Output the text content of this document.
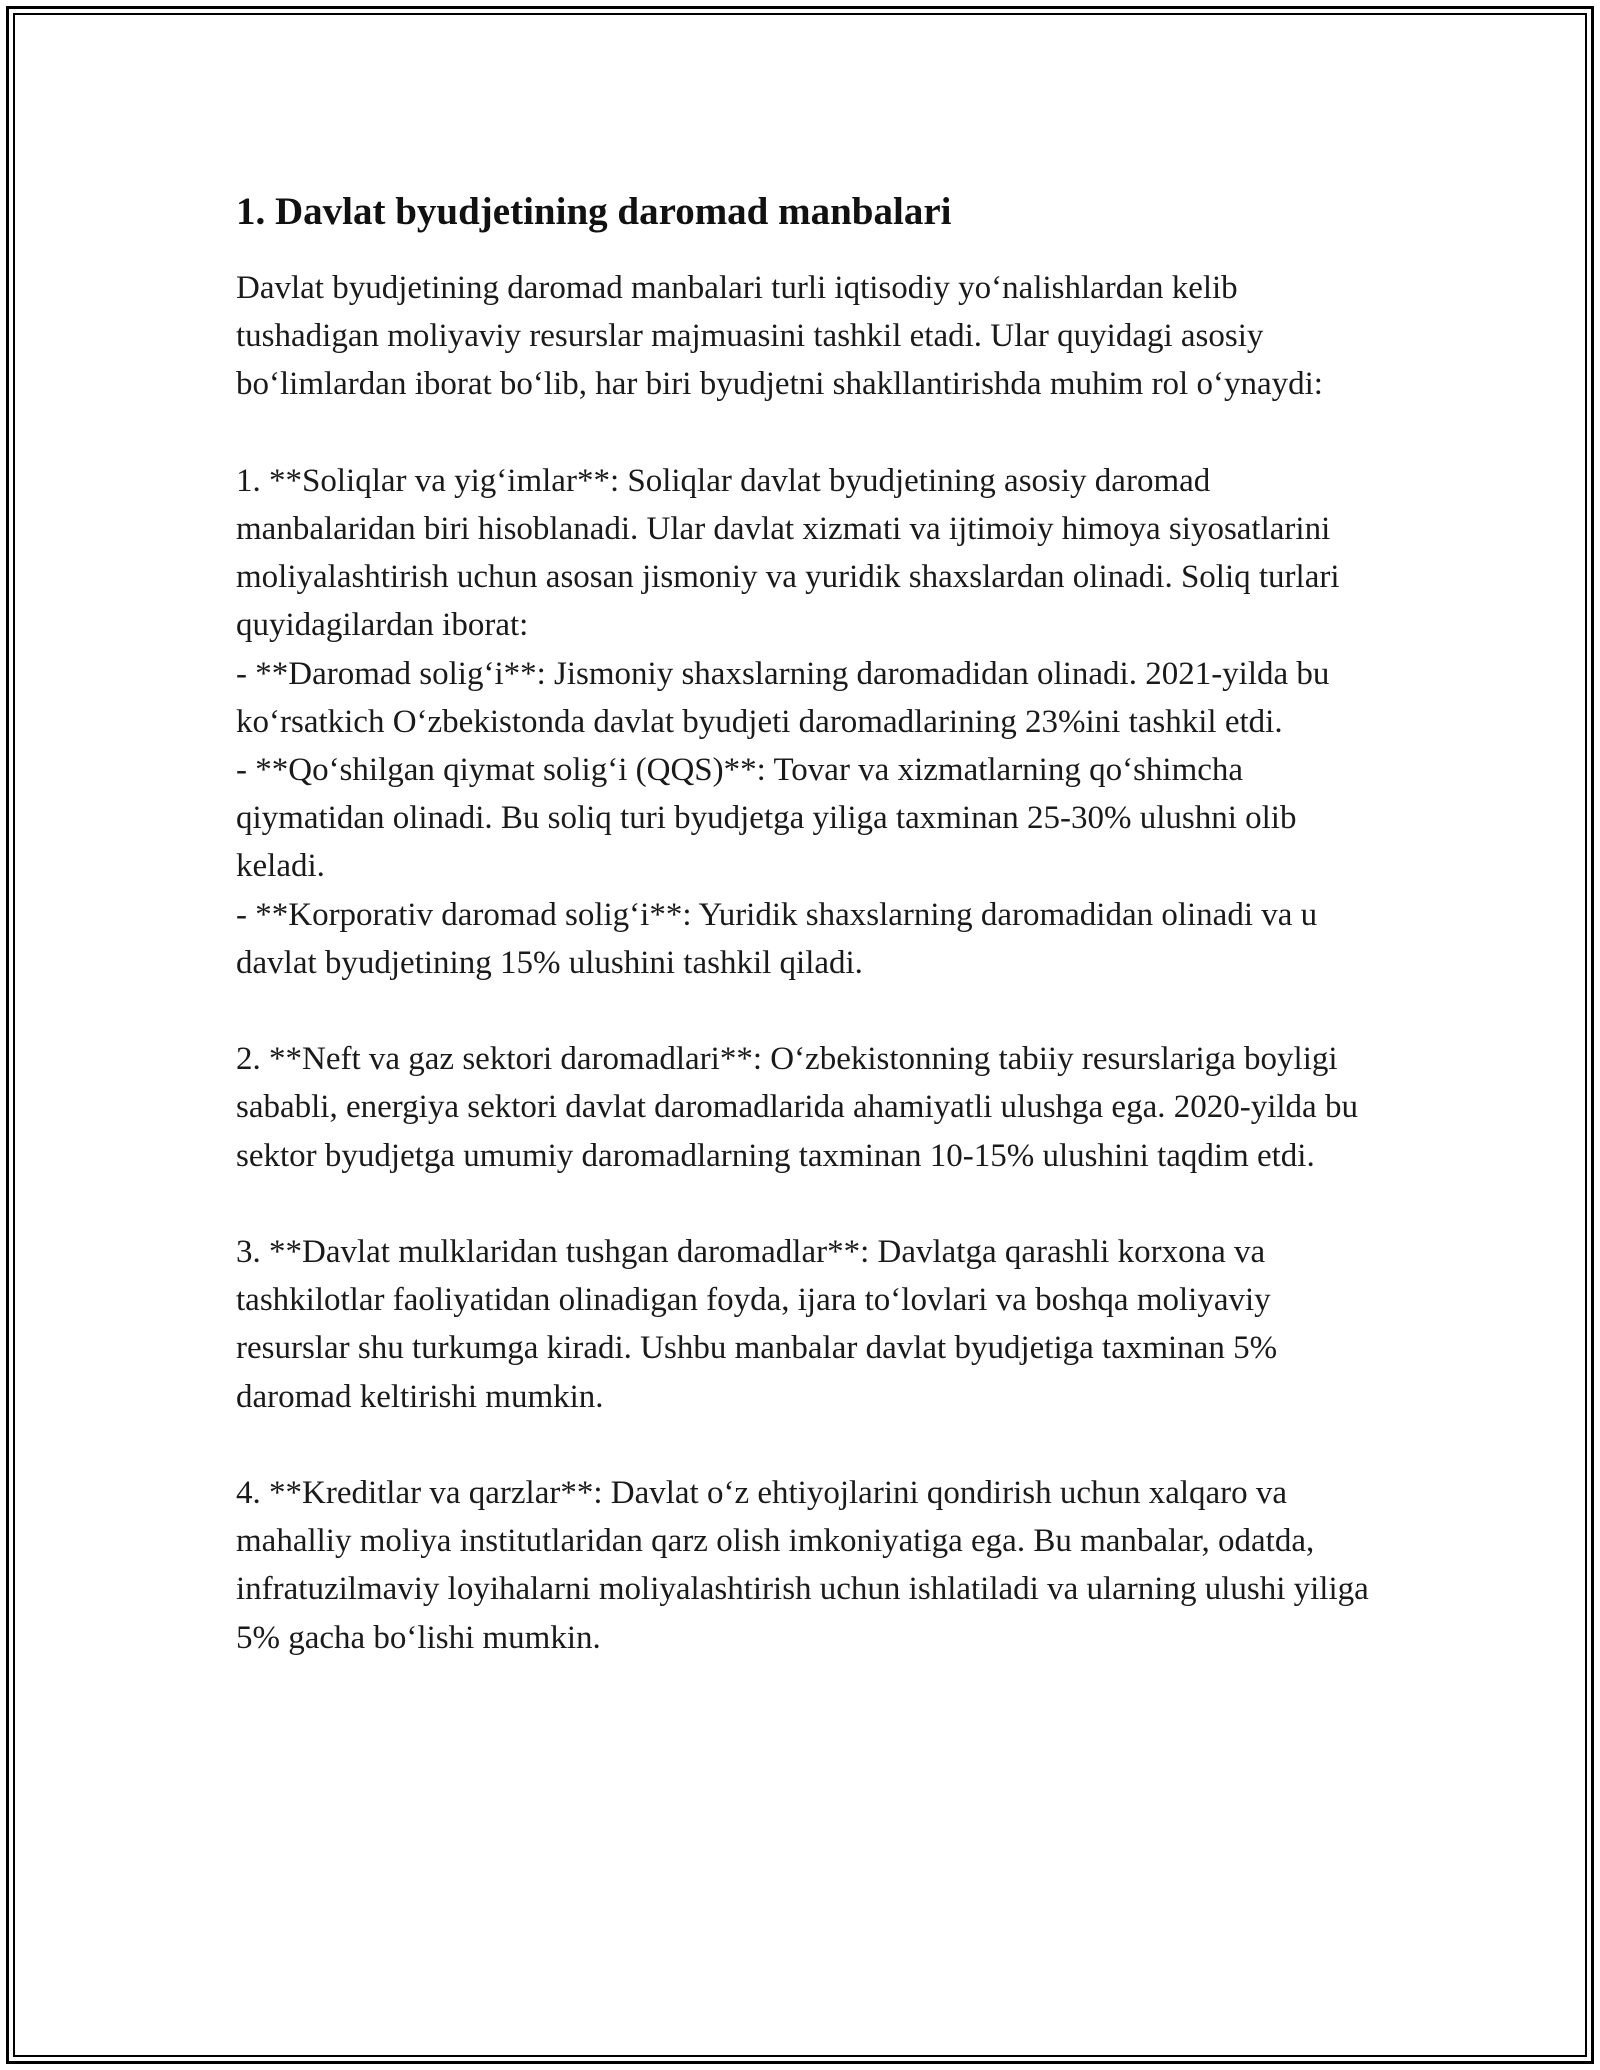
1. Davlat byudjetining daromad manbalari

Davlat byudjetining daromad manbalari turli iqtisodiy yo‘nalishlardan kelib tushadigan moliyaviy resurslar majmuasini tashkil etadi. Ular quyidagi asosiy bo‘limlardan iborat bo‘lib, har biri byudjetni shakllantirishda muhim rol o‘ynaydi:

1. **Soliqlar va yig‘imlar**: Soliqlar davlat byudjetining asosiy daromad manbalaridan biri hisoblanadi. Ular davlat xizmati va ijtimoiy himoya siyosatlarini moliyalashtirish uchun asosan jismoniy va yuridik shaxslardan olinadi. Soliq turlari quyidagilardan iborat:

- **Daromad solig‘i**: Jismoniy shaxslarning daromadidan olinadi. 2021-yilda bu ko‘rsatkich O‘zbekistonda davlat byudjeti daromadlarining 23%ini tashkil etdi.

- **Qo‘shilgan qiymat solig‘i (QQS)**: Tovar va xizmatlarning qo‘shimcha qiymatidan olinadi. Bu soliq turi byudjetga yiliga taxminan 25-30% ulushni olib keladi.

- **Korporativ daromad solig‘i**: Yuridik shaxslarning daromadidan olinadi va u davlat byudjetining 15% ulushini tashkil qiladi.

2. **Neft va gaz sektori daromadlari**: O‘zbekistonning tabiiy resurslariga boyligi sababli, energiya sektori davlat daromadlarida ahamiyatli ulushga ega. 2020-yilda bu sektor byudjetga umumiy daromadlarning taxminan 10-15% ulushini taqdim etdi.

3. **Davlat mulklaridan tushgan daromadlar**: Davlatga qarashli korxona va tashkilotlar faoliyatidan olinadigan foyda, ijara to‘lovlari va boshqa moliyaviy resurslar shu turkumga kiradi. Ushbu manbalar davlat byudjetiga taxminan 5% daromad keltirishi mumkin.

4. **Kreditlar va qarzlar**: Davlat o‘z ehtiyojlarini qondirish uchun xalqaro va mahalliy moliya institutlaridan qarz olish imkoniyatiga ega. Bu manbalar, odatda, infratuzilmaviy loyihalarni moliyalashtirish uchun ishlatiladi va ularning ulushi yiliga 5% gacha bo‘lishi mumkin.
